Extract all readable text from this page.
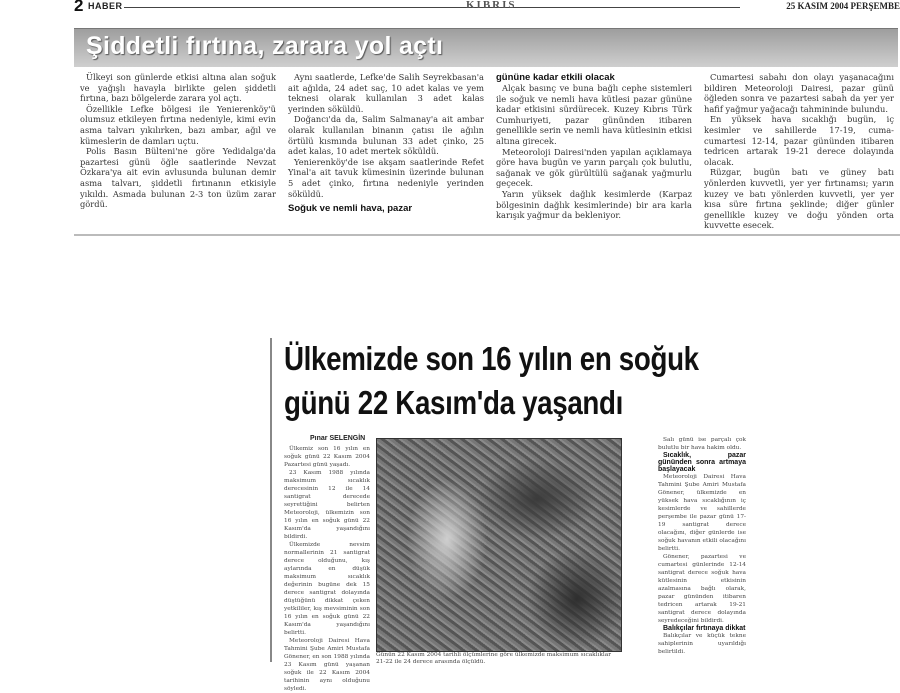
2 HABER	KIBRIS	25 KASIM 2004 PERŞEMBE
Şiddetli fırtına, zarara yol açtı

Ülkeyi son günlerde etkisi altına alan soğuk ve yağışlı havayla birlikte gelen şiddetli fırtına, bazı bölgelerde zarara yol açtı.

Özellikle Lefke bölgesi ile Yenierenköy'ü olumsuz etkileyen fırtına nedeniyle, kimi evin asma talvarı yıkılırken, bazı ambar, ağıl ve kümeslerin de damları uçtu.

Polis Basın Bülteni'ne göre Yedidalga'da pazartesi günü öğle saatlerinde Nevzat Özkara'ya ait evin avlusunda bulunan demir asma talvarı, şiddetli fırtınanın etkisiyle yıkıldı. Asmada bulunan 2-3 ton üzüm zarar gördü.

Aynı saatlerde, Lefke'de Salih Seyrekbasan'a ait ağılda, 24 adet saç, 10 adet kalas ve yem teknesi olarak kullanılan 3 adet kalas yerinden söküldü.

Doğancı'da da, Salim Salmanay'a ait ambar olarak kullanılan binanın çatısı ile ağılın örtülü kısmında bulunan 33 adet çinko, 25 adet kalas, 10 adet mertek söküldü.

Yenierenköy'de ise akşam saatlerinde Refet Yinal'a ait tavuk kümesinin üzerinde bulunan 5 adet çinko, fırtına nedeniyle yerinden söküldü.

Soğuk ve nemli hava, pazar

gününe kadar etkili olacak

Alçak basınç ve buna bağlı cephe sistemleri ile soğuk ve nemli hava kütlesi pazar gününe kadar etkisini sürdürecek. Kuzey Kıbrıs Türk Cumhuriyeti, pazar gününden itibaren genellikle serin ve nemli hava kütlesinin etkisi altına girecek.

Meteoroloji Dairesi'nden yapılan açıklamaya göre hava bugün ve yarın parçalı çok bulutlu, sağanak ve gök gürültülü sağanak yağmurlu geçecek.

Yarın yüksek dağlık kesimlerde (Karpaz bölgesinin dağlık kesimlerinde) bir ara karla karışık yağmur da bekleniyor.

Cumartesi sabahı don olayı yaşanacağını bildiren Meteoroloji Dairesi, pazar günü öğleden sonra ve pazartesi sabah da yer yer hafif yağmur yağacağı tahmininde bulundu.

En yüksek hava sıcaklığı bugün, iç kesimler ve sahillerde 17-19, cuma-cumartesi 12-14, pazar gününden itibaren tedricen artarak 19-21 derece dolayında olacak.

Rüzgar, bugün batı ve güney batı yönlerden kuvvetli, yer yer fırtınamsı; yarın kuzey ve batı yönlerden kuvvetli, yer yer kısa süre fırtına şeklinde; diğer günler genellikle kuzey ve doğu yönden orta kuvvette esecek.

Ülkemizde son 16 yılın en soğuk
günü 22 Kasım'da yaşandı
Pınar SELENGİN

Ülkemiz son 16 yılın en soğuk günü 22 Kasım 2004 Pazartesi günü yaşadı.

23 Kasım 1988 yılında maksimum sıcaklık derecesinin 12 ile 14 santigrat derecede seyrettiğini belirten Meteoroloji, ülkemizin son 16 yılın en soğuk günü 22 Kasım'da yaşandığını bildirdi.

Ülkemizde nevsim normallerinin 21 santigrat derece olduğunu, kış aylarında en düşük maksimum sıcaklık değerinin bugüne dek 15 derece santigrat dolayında düştüğünü dikkat çeken yetkililer, kış mevsiminin son 16 yılın en soğuk günü 22 Kasım'da yaşandığını belirtti.

Meteoroloji Dairesi Hava Tahmini Şube Amiri Mustafa Gönener, en son 1988 yılında 23 Kasım günü yaşanan soğuk ile 22 Kasım 2004 tarihinin aynı olduğunu söyledi.

Günün 22 Kasım 2004 tarihli ölçümlerine göre ülkemizde maksimum sıcaklıklar 21-22 ile 24 derece arasında ölçüldü.

Salı günü ise parçalı çok bulutlu bir hava hakim oldu.

Sıcaklık, pazar gününden sonra artmaya başlayacak

Meteoroloji Dairesi Hava Tahmini Şube Amiri Mustafa Gönener, ülkemizde en yüksek hava sıcaklığının iç kesimlerde ve sahillerde perşembe ile pazar günü 17-19 santigrat derece olacağını, diğer günlerde ise soğuk havanın etkili olacağını belirtti.

Gönener, pazartesi ve cumartesi günlerinde 12-14 santigrat derece soğuk hava kütlesinin etkisinin azalmasına bağlı olarak, pazar gününden itibaren tedricen artarak 19-21 santigrat derece dolayında seyredeceğini bildirdi.

Balıkçılar fırtınaya dikkat

Balıkçılar ve küçük tekne sahiplerinin uyarıldığı belirtildi.
